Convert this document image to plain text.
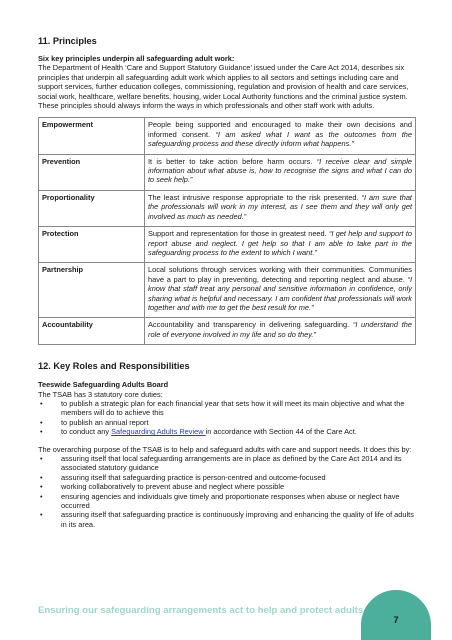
11. Principles

Six key principles underpin all safeguarding adult work:

The Department of Health ‘Care and Support Statutory Guidance’ issued under the Care Act 2014, describes six principles that underpin all safeguarding adult work which applies to all sectors and settings including care and support services, further education colleges, commissioning, regulation and provision of health and care services, social work, healthcare, welfare benefits, housing, wider Local Authority functions and the criminal justice system. These principles should always inform the ways in which professionals and other staff work with adults.

Empowerment	People being supported and encouraged to make their own decisions and informed consent. “I am asked what I want as the outcomes from the safeguarding process and these directly inform what happens.”
Prevention	It is better to take action before harm occurs. “I receive clear and simple information about what abuse is, how to recognise the signs and what I can do to seek help.”
Proportionality	The least intrusive response appropriate to the risk presented. “I am sure that the professionals will work in my interest, as I see them and they will only get involved as much as needed.”
Protection	Support and representation for those in greatest need. “I get help and support to report abuse and neglect. I get help so that I am able to take part in the safeguarding process to the extent to which I want.”
Partnership	Local solutions through services working with their communities. Communities have a part to play in preventing, detecting and reporting neglect and abuse. “I know that staff treat any personal and sensitive information in confidence, only sharing what is helpful and necessary. I am confident that professionals will work together and with me to get the best result for me.”
Accountability	Accountability and transparency in delivering safeguarding. “I understand the role of everyone involved in my life and so do they.”
12. Key Roles and Responsibilities

Teeswide Safeguarding Adults Board

The TSAB has 3 statutory core duties:

• to publish a strategic plan for each financial year that sets how it will meet its main objective and what the members will do to achieve this
• to publish an annual report
• to conduct any Safeguarding Adults Review in accordance with Section 44 of the Care Act.

The overarching purpose of the TSAB is to help and safeguard adults with care and support needs. It does this by:

• assuring itself that local safeguarding arrangements are in place as defined by the Care Act 2014 and its associated statutory guidance
• assuring itself that safeguarding practice is person-centred and outcome-focused
• working collaboratively to prevent abuse and neglect where possible
• ensuring agencies and individuals give timely and proportionate responses when abuse or neglect have occurred
• assuring itself that safeguarding practice is continuously improving and enhancing the quality of life of adults in its area.
Ensuring our safeguarding arrangements act to help and protect adults
7
